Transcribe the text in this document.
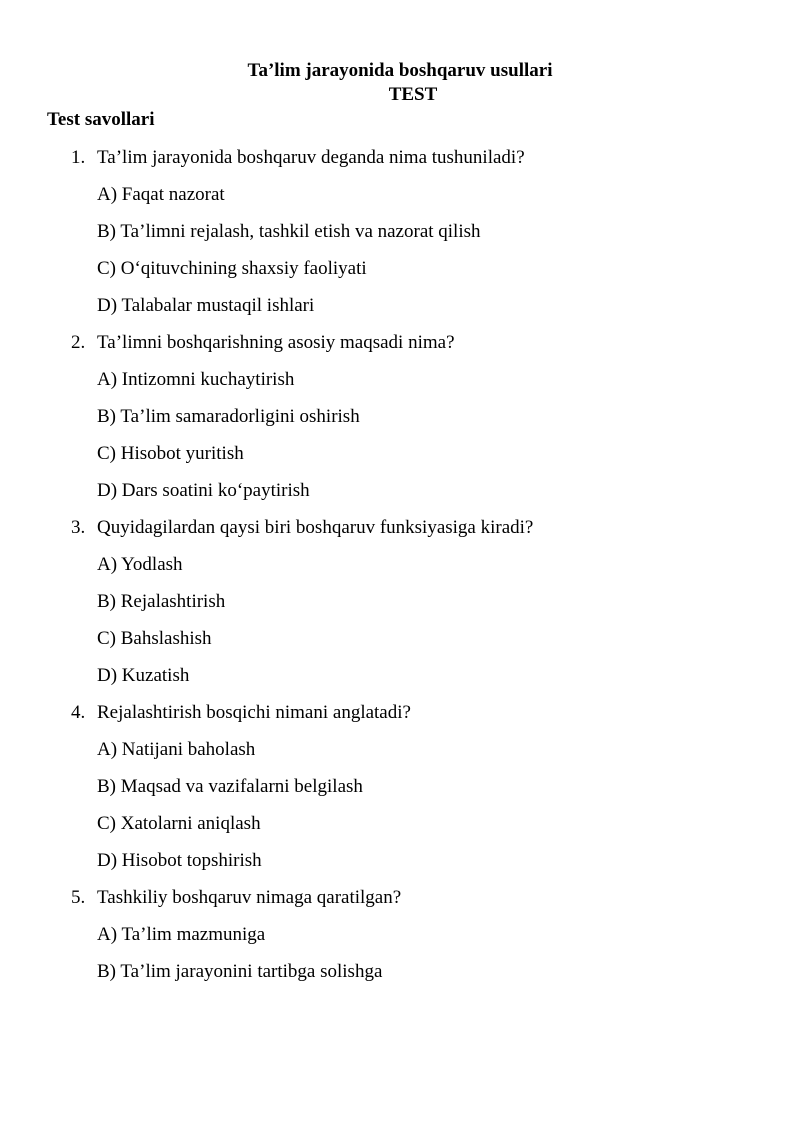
Ta’lim jarayonida boshqaruv usullari
TEST
Test savollari
1. Ta’lim jarayonida boshqaruv deganda nima tushuniladi?
A) Faqat nazorat
B) Ta’limni rejalash, tashkil etish va nazorat qilish
C) O‘qituvchining shaxsiy faoliyati
D) Talabalar mustaqil ishlari
2. Ta’limni boshqarishning asosiy maqsadi nima?
A) Intizomni kuchaytirish
B) Ta’lim samaradorligini oshirish
C) Hisobot yuritish
D) Dars soatini ko‘paytirish
3. Quyidagilardan qaysi biri boshqaruv funksiyasiga kiradi?
A) Yodlash
B) Rejalashtirish
C) Bahslashish
D) Kuzatish
4. Rejalashtirish bosqichi nimani anglatadi?
A) Natijani baholash
B) Maqsad va vazifalarni belgilash
C) Xatolarni aniqlash
D) Hisobot topshirish
5. Tashkiliy boshqaruv nimaga qaratilgan?
A) Ta’lim mazmuniga
B) Ta’lim jarayonini tartibga solishga
